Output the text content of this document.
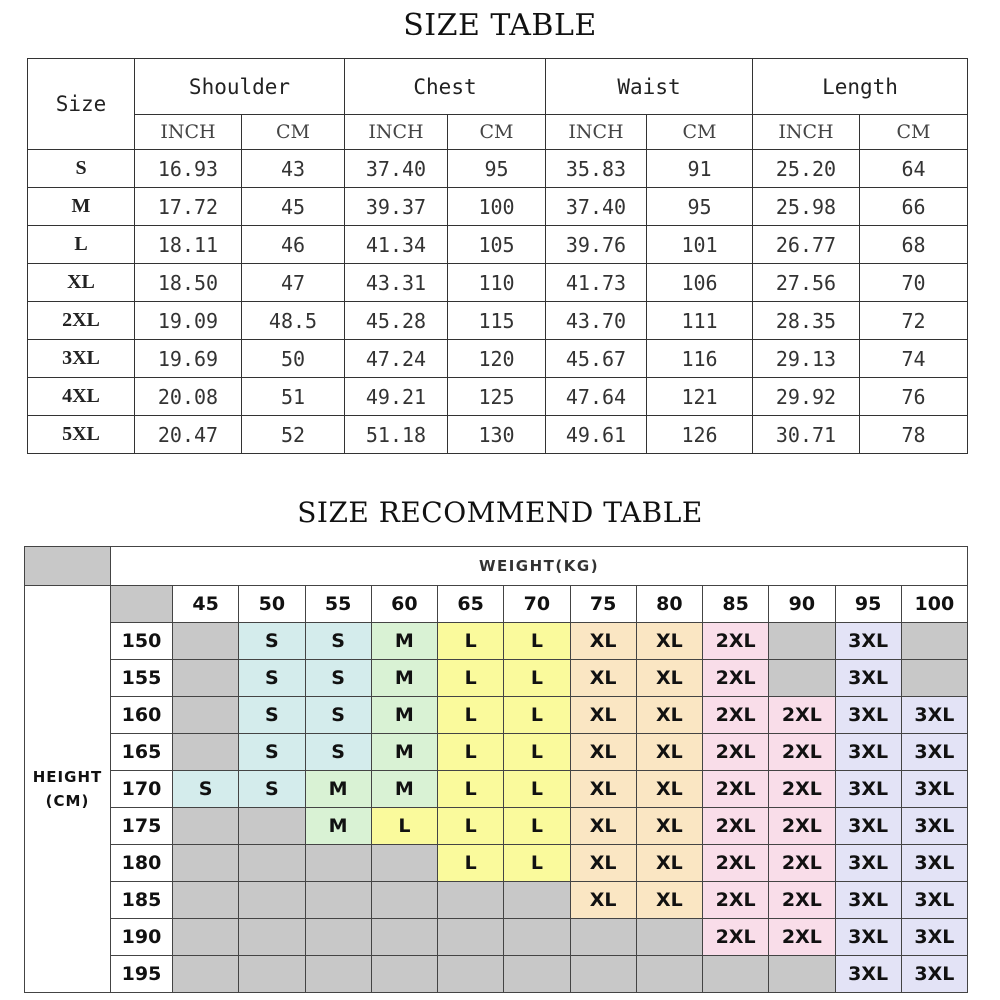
SIZE TABLE
Size	Shoulder		Chest		Waist		Length	
	INCH	CM	INCH	CM	INCH	CM	INCH	CM
S	16.93	43	37.40	95	35.83	91	25.20	64
M	17.72	45	39.37	100	37.40	95	25.98	66
L	18.11	46	41.34	105	39.76	101	26.77	68
XL	18.50	47	43.31	110	41.73	106	27.56	70
2XL	19.09	48.5	45.28	115	43.70	111	28.35	72
3XL	19.69	50	47.24	120	45.67	116	29.13	74
4XL	20.08	51	49.21	125	47.64	121	29.92	76
5XL	20.47	52	51.18	130	49.61	126	30.71	78
SIZE RECOMMEND TABLE
	WEIGHT(KG)												

HEIGHT
(CM)		45	50	55	60	65	70	75	80	85	90	95	100
	150		S	S	M	L	L	XL	XL	2XL		3XL	
	155		S	S	M	L	L	XL	XL	2XL		3XL	
	160		S	S	M	L	L	XL	XL	2XL	2XL	3XL	3XL
	165		S	S	M	L	L	XL	XL	2XL	2XL	3XL	3XL
	170	S	S	M	M	L	L	XL	XL	2XL	2XL	3XL	3XL
	175			M	L	L	L	XL	XL	2XL	2XL	3XL	3XL
	180					L	L	XL	XL	2XL	2XL	3XL	3XL
	185							XL	XL	2XL	2XL	3XL	3XL
	190									2XL	2XL	3XL	3XL
	195											3XL	3XL
